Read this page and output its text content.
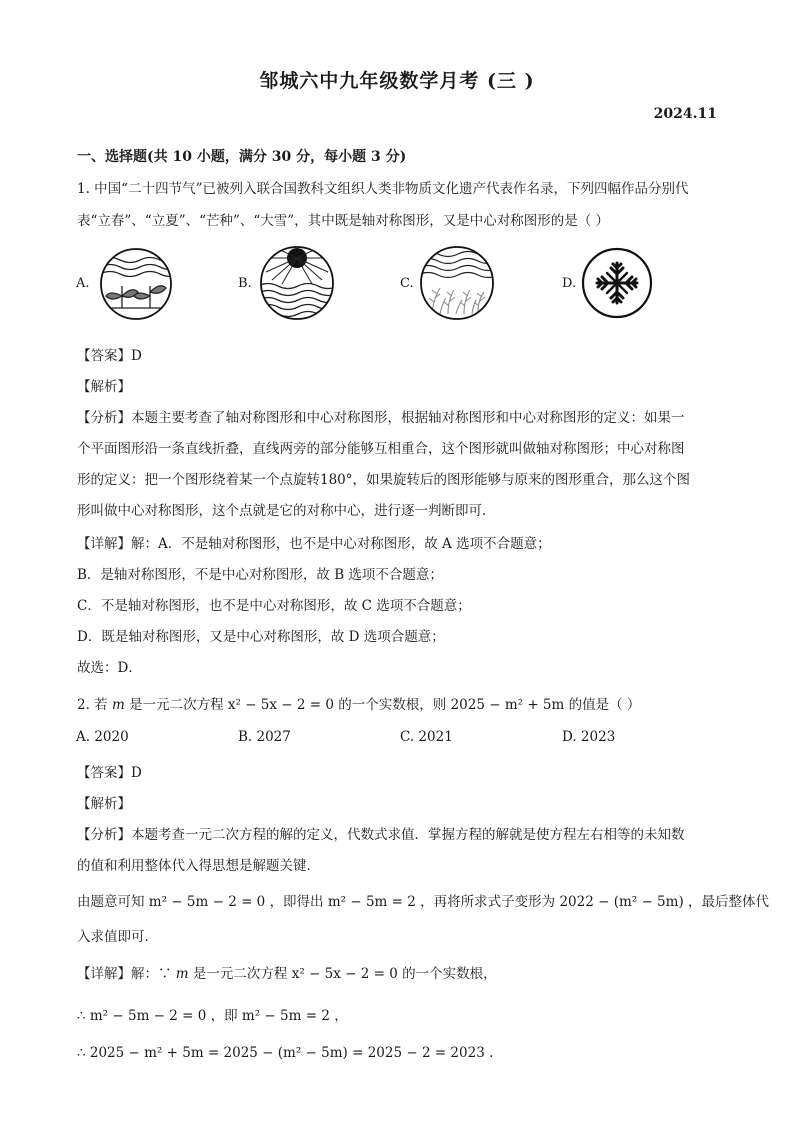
邹城六中九年级数学月考 (三 )
2024.11
一、选择题(共 10 小题，满分 30 分，每小题 3 分)
1. 中国“二十四节气”已被列入联合国教科文组织人类非物质文化遗产代表作名录，下列四幅作品分别代
表“立春”、“立夏”、“芒种”、“大雪”，其中既是轴对称图形，又是中心对称图形的是（ ）
A.	B.	C.	D.
【答案】D
【解析】
【分析】本题主要考查了轴对称图形和中心对称图形，根据轴对称图形和中心对称图形的定义：如果一
个平面图形沿一条直线折叠，直线两旁的部分能够互相重合，这个图形就叫做轴对称图形；中心对称图
形的定义：把一个图形绕着某一个点旋转180°，如果旋转后的图形能够与原来的图形重合，那么这个图
形叫做中心对称图形，这个点就是它的对称中心，进行逐一判断即可.
【详解】解：A．不是轴对称图形，也不是中心对称图形，故 A 选项不合题意；
B．是轴对称图形，不是中心对称图形，故 B 选项不合题意；
C．不是轴对称图形，也不是中心对称图形，故 C 选项不合题意；
D．既是轴对称图形，又是中心对称图形，故 D 选项合题意；
故选：D．
2. 若 m 是一元二次方程 x² − 5x − 2 = 0 的一个实数根，则 2025 − m² + 5m 的值是（ ）
A. 2020	B. 2027	C. 2021	D. 2023
【答案】D
【解析】
【分析】本题考查一元二次方程的解的定义，代数式求值．掌握方程的解就是使方程左右相等的未知数
的值和利用整体代入得思想是解题关键．
由题意可知 m² − 5m − 2 = 0 ，即得出 m² − 5m = 2 ，再将所求式子变形为 2022 − (m² − 5m) ，最后整体代
入求值即可．
【详解】解：∵ m 是一元二次方程 x² − 5x − 2 = 0 的一个实数根，
∴ m² − 5m − 2 = 0 ，即 m² − 5m = 2 ，
∴ 2025 − m² + 5m = 2025 − (m² − 5m) = 2025 − 2 = 2023 .
